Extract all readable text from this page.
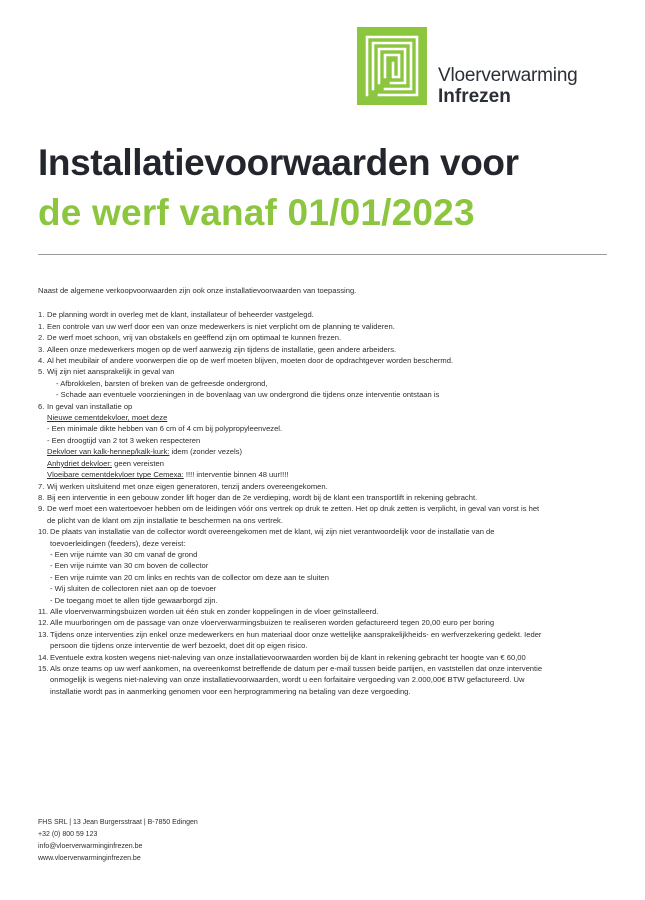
Vloerverwarming
Infrezen
Installatievoorwaarden voor
de werf vanaf 01/01/2023
Naast de algemene verkoopvoorwaarden zijn ook onze installatievoorwaarden van toepassing.
1. De planning wordt in overleg met de klant, installateur of beheerder vastgelegd.
1. Een controle van uw werf door een van onze medewerkers is niet verplicht om de planning te valideren.
2. De werf moet schoon, vrij van obstakels en geëffend zijn om optimaal te kunnen frezen.
3. Alleen onze medewerkers mogen op de werf aanwezig zijn tijdens de installatie, geen andere arbeiders.
4. Al het meubilair of andere voorwerpen die op de werf moeten blijven, moeten door de opdrachtgever worden beschermd.
5. Wij zijn niet aansprakelijk in geval van
- Afbrokkelen, barsten of breken van de gefreesde ondergrond,
- Schade aan eventuele voorzieningen in de bovenlaag van uw ondergrond die tijdens onze interventie ontstaan is
6. In geval van installatie op
Nieuwe cementdekvloer, moet deze
- Een minimale dikte hebben van 6 cm of 4 cm bij polypropyleenvezel.
- Een droogtijd van 2 tot 3 weken respecteren
Dekvloer van kalk-hennep/kalk-kurk: idem (zonder vezels)
Anhydriet dekvloer: geen vereisten
Vloeibare cementdekvloer type Cemexa: !!!! interventie binnen 48 uur!!!!
7. Wij werken uitsluitend met onze eigen generatoren, tenzij anders overeengekomen.
8. Bij een interventie in een gebouw zonder lift hoger dan de 2e verdieping, wordt bij de klant een transportlift in rekening gebracht.
9. De werf moet een watertoevoer hebben om de leidingen vóór ons vertrek op druk te zetten. Het op druk zetten is verplicht, in geval van vorst is het
de plicht van de klant om zijn installatie te beschermen na ons vertrek.
10. De plaats van installatie van de collector wordt overeengekomen met de klant, wij zijn niet verantwoordelijk voor de installatie van de
toevoerleidingen (feeders), deze vereist:
- Een vrije ruimte van 30 cm vanaf de grond
- Een vrije ruimte van 30 cm boven de collector
- Een vrije ruimte van 20 cm links en rechts van de collector om deze aan te sluiten
- Wij sluiten de collectoren niet aan op de toevoer
- De toegang moet te allen tijde gewaarborgd zijn.
11. Alle vloerverwarmingsbuizen worden uit één stuk en zonder koppelingen in de vloer geïnstalleerd.
12. Alle muurboringen om de passage van onze vloerverwarmingsbuizen te realiseren worden gefactureerd tegen 20,00 euro per boring
13. Tijdens onze interventies zijn enkel onze medewerkers en hun materiaal door onze wettelijke aansprakelijkheids- en werfverzekering gedekt. Ieder
persoon die tijdens onze interventie de werf bezoekt, doet dit op eigen risico.
14. Eventuele extra kosten wegens niet-naleving van onze installatievoorwaarden worden bij de klant in rekening gebracht ter hoogte van € 60,00
15. Als onze teams op uw werf aankomen, na overeenkomst betreffende de datum per e-mail tussen beide partijen, en vaststellen dat onze interventie
onmogelijk is wegens niet-naleving van onze installatievoorwaarden, wordt u een forfaitaire vergoeding van 2.000,00€ BTW gefactureerd. Uw
installatie wordt pas in aanmerking genomen voor een herprogrammering na betaling van deze vergoeding.
FHS SRL | 13 Jean Burgersstraat | B-7850 Edingen
+32 (0) 800 59 123
info@vloerverwarminginfrezen.be
www.vloerverwarminginfrezen.be
